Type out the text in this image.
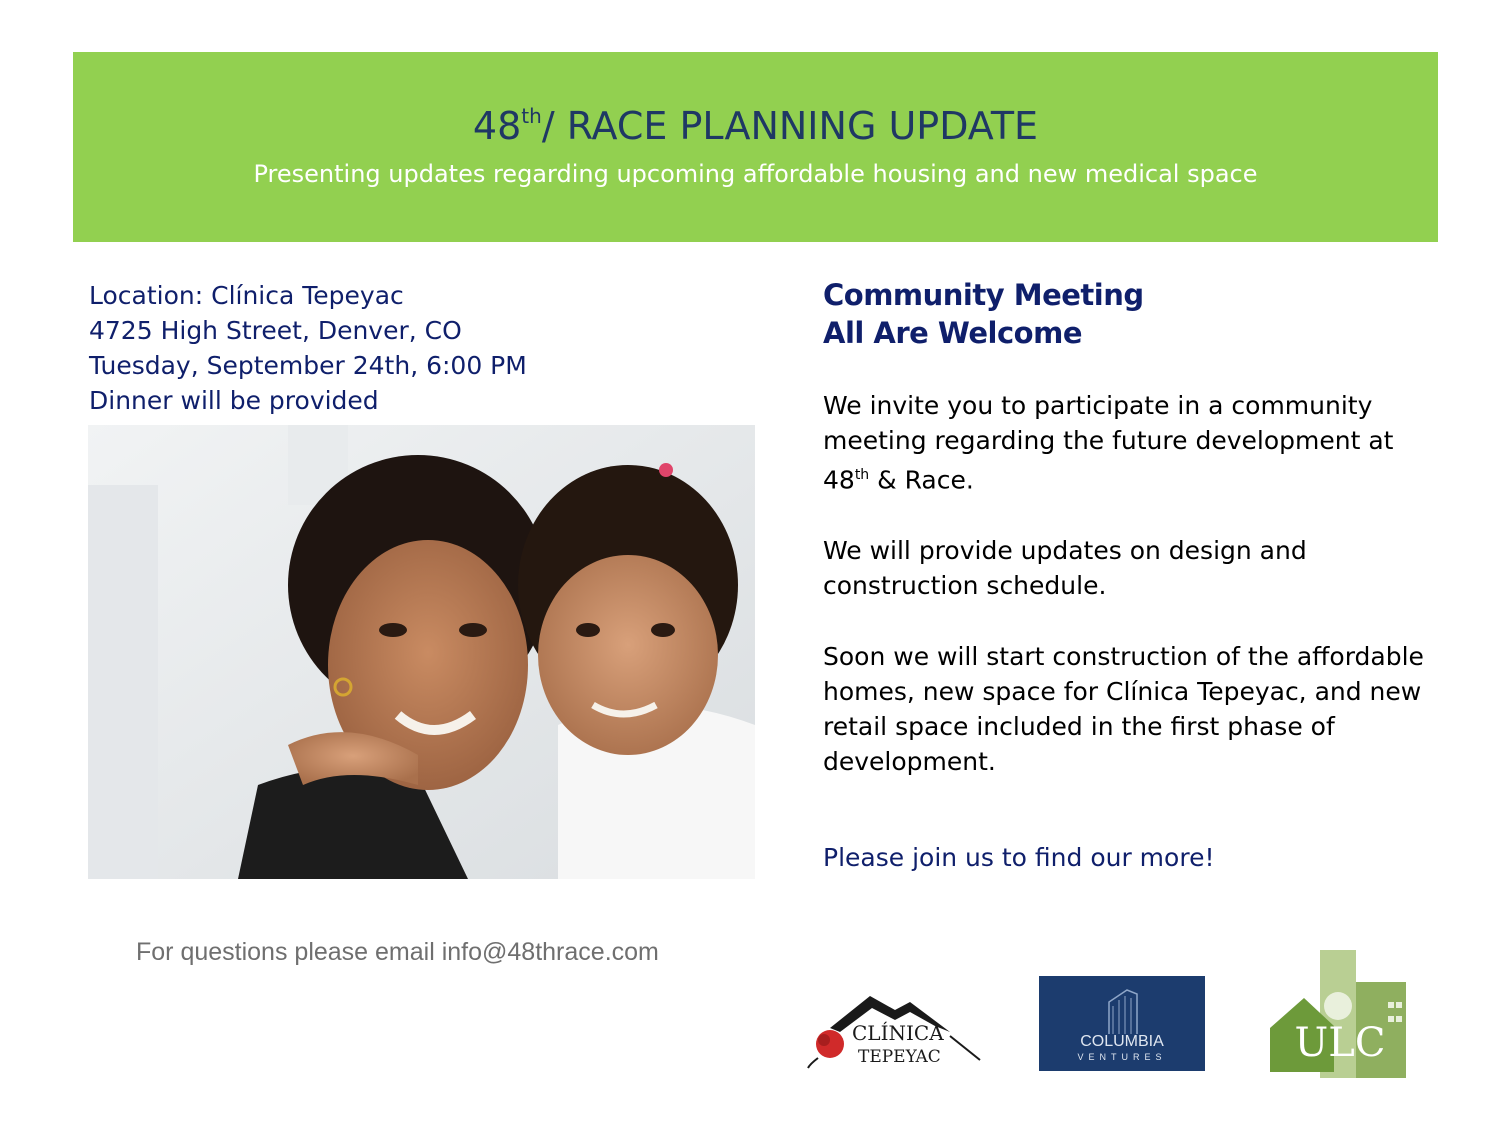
48th/ RACE PLANNING UPDATE
Presenting updates regarding upcoming affordable housing and new medical space
Location: Clínica Tepeyac
4725 High Street, Denver, CO
Tuesday, September 24th, 6:00 PM
Dinner will be provided
Community Meeting
All Are Welcome
We invite you to participate in a community meeting regarding the future development at 48th & Race.
We will provide updates on design and construction schedule.
Soon we will start construction of the affordable homes, new space for Clínica Tepeyac, and new retail space included in the first phase of development.
Please join us to find our more!
For questions please email info@48thrace.com
CLÍNICA
TEPEYAC
COLUMBIA
VENTURES	ULC
